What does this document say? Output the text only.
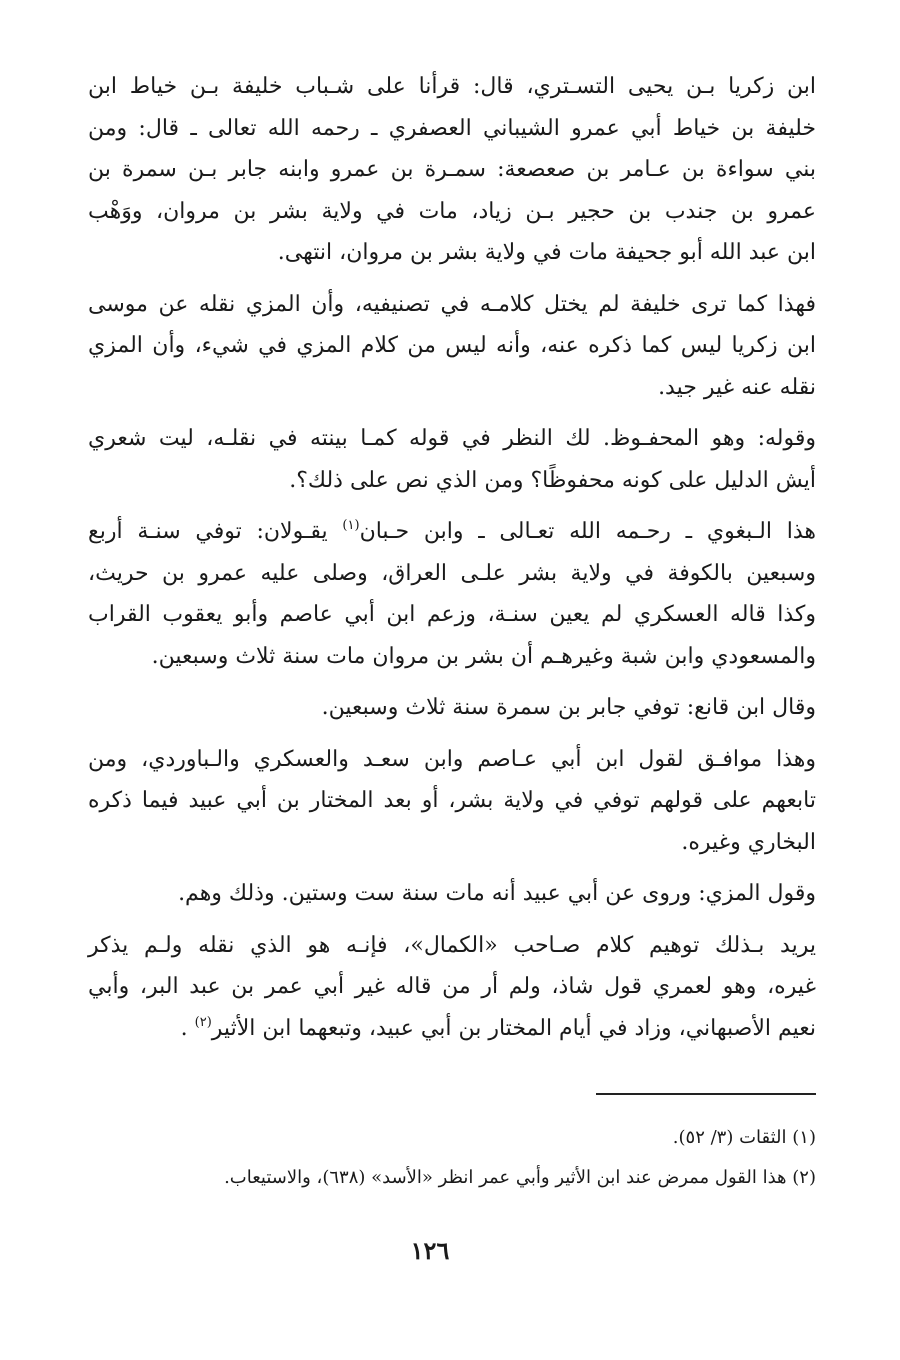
ابن زكريا بـن يحيى التسـتري، قال: قرأنا على شـباب خليفة بـن خياط ابن
خليفة بن خياط أبي عمرو الشيباني العصفري ـ رحمه الله تعالى ـ قال: ومن
بني سواءة بن عـامر بن صعصعة: سمـرة بن عمرو وابنه جابر بـن سمرة بن
عمرو بن جندب بن حجير بـن زياد، مات في ولاية بشر بن مروان، ووَهْب
ابن عبد الله أبو جحيفة مات في ولاية بشر بن مروان، انتهى.
فهذا كما ترى خليفة لم يختل كلامـه في تصنيفيه، وأن المزي نقله عن موسى
ابن زكريا ليس كما ذكره عنه، وأنه ليس من كلام المزي في شيء، وأن المزي
نقله عنه غير جيد.
وقوله: وهو المحفـوظ. لك النظر في قوله كمـا بينته في نقلـه، ليت شعري
أيش الدليل على كونه محفوظًا؟ ومن الذي نص على ذلك؟.
هذا الـبغوي ـ رحـمه الله تعـالى ـ وابن حـبان$^{(١)}$ يقـولان: توفي سنـة أربع
وسبعين بالكوفة في ولاية بشر علـى العراق، وصلى عليه عمرو بن حريث،
وكذا قاله العسكري لم يعين سنـة، وزعم ابن أبي عاصم وأبو يعقوب القراب
والمسعودي وابن شبة وغيرهـم أن بشر بن مروان مات سنة ثلاث وسبعين.
وقال ابن قانع: توفي جابر بن سمرة سنة ثلاث وسبعين.
وهذا موافـق لقول ابن أبي عـاصم وابن سعـد والعسكري والـباوردي، ومن
تابعهم على قولهم توفي في ولاية بشر، أو بعد المختار بن أبي عبيد فيما ذكره
البخاري وغيره.
وقول المزي: وروى عن أبي عبيد أنه مات سنة ست وستين. وذلك وهم.
يريد بـذلك توهيم كلام صـاحب «الكمال»، فإنـه هو الذي نقله ولـم يذكر
غيره، وهو لعمري قول شاذ، ولم أر من قاله غير أبي عمر بن عبد البر، وأبي
نعيم الأصبهاني، وزاد في أيام المختار بن أبي عبيد، وتبعهما ابن الأثير$^{(٢)}$ .
(١) الثقات (٣/ ٥٢).
(٢) هذا القول ممرض عند ابن الأثير وأبي عمر انظر «الأسد» (٦٣٨)، والاستيعاب.
١٢٦
